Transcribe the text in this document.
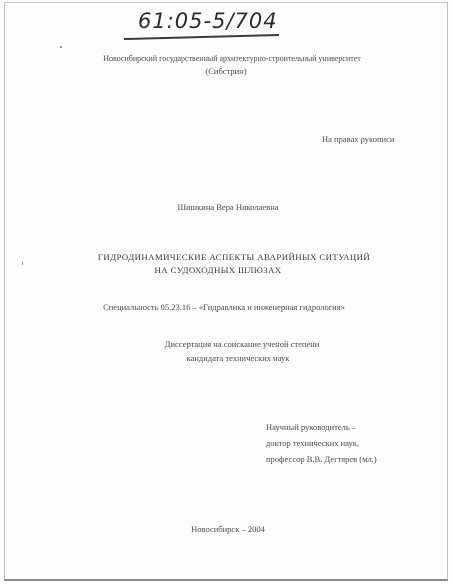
61:05-5/704
Новосибирский государственный архитектурно-строительный университет
(Сибстрин)
На правах рукописи
Шишкина Вера Николаевна
ГИДРОДИНАМИЧЕСКИЕ АСПЕКТЫ АВАРИЙНЫХ СИТУАЦИЙ
НА СУДОХОДНЫХ ШЛЮЗАХ
Специальность 05.23.16 – «Гидравлика и инженерная гидрология»
Диссертация на соискание ученой степени
кандидата технических наук
Научный руководитель –
доктор технических наук,
профессор В.В. Дегтярев (мл.)
Новосибирск – 2004
